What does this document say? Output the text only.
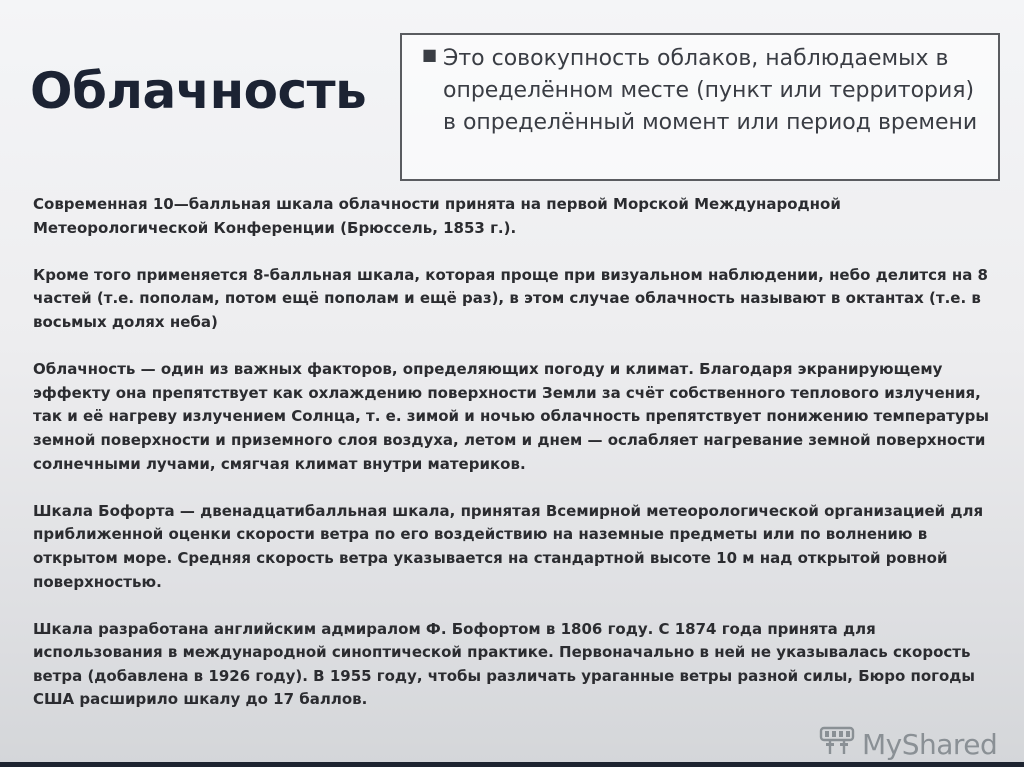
Облачность
■ Это совокупность облаков, наблюдаемых в определённом месте (пункт или территория) в определённый момент или период времени

Современная 10—балльная шкала облачности принята на первой Морской Международной Метеорологической Конференции (Брюссель, 1853 г.).

Кроме того применяется 8-балльная шкала, которая проще при визуальном наблюдении, небо делится на 8 частей (т.е. пополам, потом ещё пополам и ещё раз), в этом случае облачность называют в октантах (т.е. в восьмых долях неба)

Облачность — один из важных факторов, определяющих погоду и климат. Благодаря экранирующему эффекту она препятствует как охлаждению поверхности Земли за счёт собственного теплового излучения, так и её нагреву излучением Солнца, т. е. зимой и ночью облачность препятствует понижению температуры земной поверхности и приземного слоя воздуха, летом и днем — ослабляет нагревание земной поверхности солнечными лучами, смягчая климат внутри материков.

Шкала Бофорта — двенадцатибалльная шкала, принятая Всемирной метеорологической организацией для приближенной оценки скорости ветра по его воздействию на наземные предметы или по волнению в открытом море. Средняя скорость ветра указывается на стандартной высоте 10 м над открытой ровной поверхностью.

Шкала разработана английским адмиралом Ф. Бофортом в 1806 году. С 1874 года принята для использования в международной синоптической практике. Первоначально в ней не указывалась скорость ветра (добавлена в 1926 году). В 1955 году, чтобы различать ураганные ветры разной силы, Бюро погоды США расширило шкалу до 17 баллов.

MyShared
